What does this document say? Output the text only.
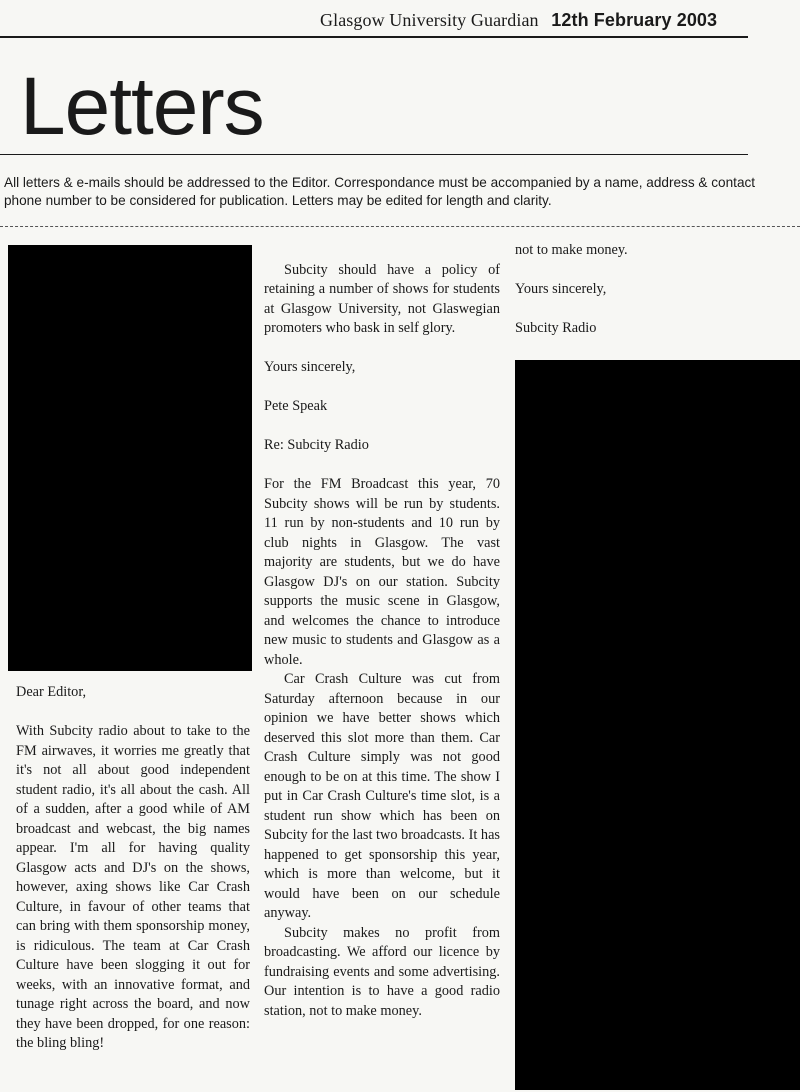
Glasgow University Guardian 12th February 2003
Letters
All letters & e-mails should be addressed to the Editor. Correspondance must be accompanied by a name, address & contact phone number to be considered for publication. Letters may be edited for length and clarity.

Dear Editor,

With Subcity radio about to take to the FM airwaves, it worries me greatly that it's not all about good independent student radio, it's all about the cash. All of a sudden, after a good while of AM broadcast and webcast, the big names appear. I'm all for having quality Glasgow acts and DJ's on the shows, however, axing shows like Car Crash Culture, in favour of other teams that can bring with them sponsorship money, is ridiculous. The team at Car Crash Culture have been slogging it out for weeks, with an innovative format, and tunage right across the board, and now they have been dropped, for one reason: the bling bling!

Subcity should have a policy of retaining a number of shows for students at Glasgow University, not Glaswegian promoters who bask in self glory.

Yours sincerely,

Pete Speak

Re: Subcity Radio

For the FM Broadcast this year, 70 Subcity shows will be run by students. 11 run by non-students and 10 run by club nights in Glasgow. The vast majority are students, but we do have Glasgow DJ's on our station. Subcity supports the music scene in Glasgow, and welcomes the chance to introduce new music to students and Glasgow as a whole.

Car Crash Culture was cut from Saturday afternoon because in our opinion we have better shows which deserved this slot more than them. Car Crash Culture simply was not good enough to be on at this time. The show I put in Car Crash Culture's time slot, is a student run show which has been on Subcity for the last two broadcasts. It has happened to get sponsorship this year, which is more than welcome, but it would have been on our schedule anyway.

Subcity makes no profit from broadcasting. We afford our licence by fundraising events and some advertising. Our intention is to have a good radio station, not to make money.

not to make money.

Yours sincerely,

Subcity Radio
